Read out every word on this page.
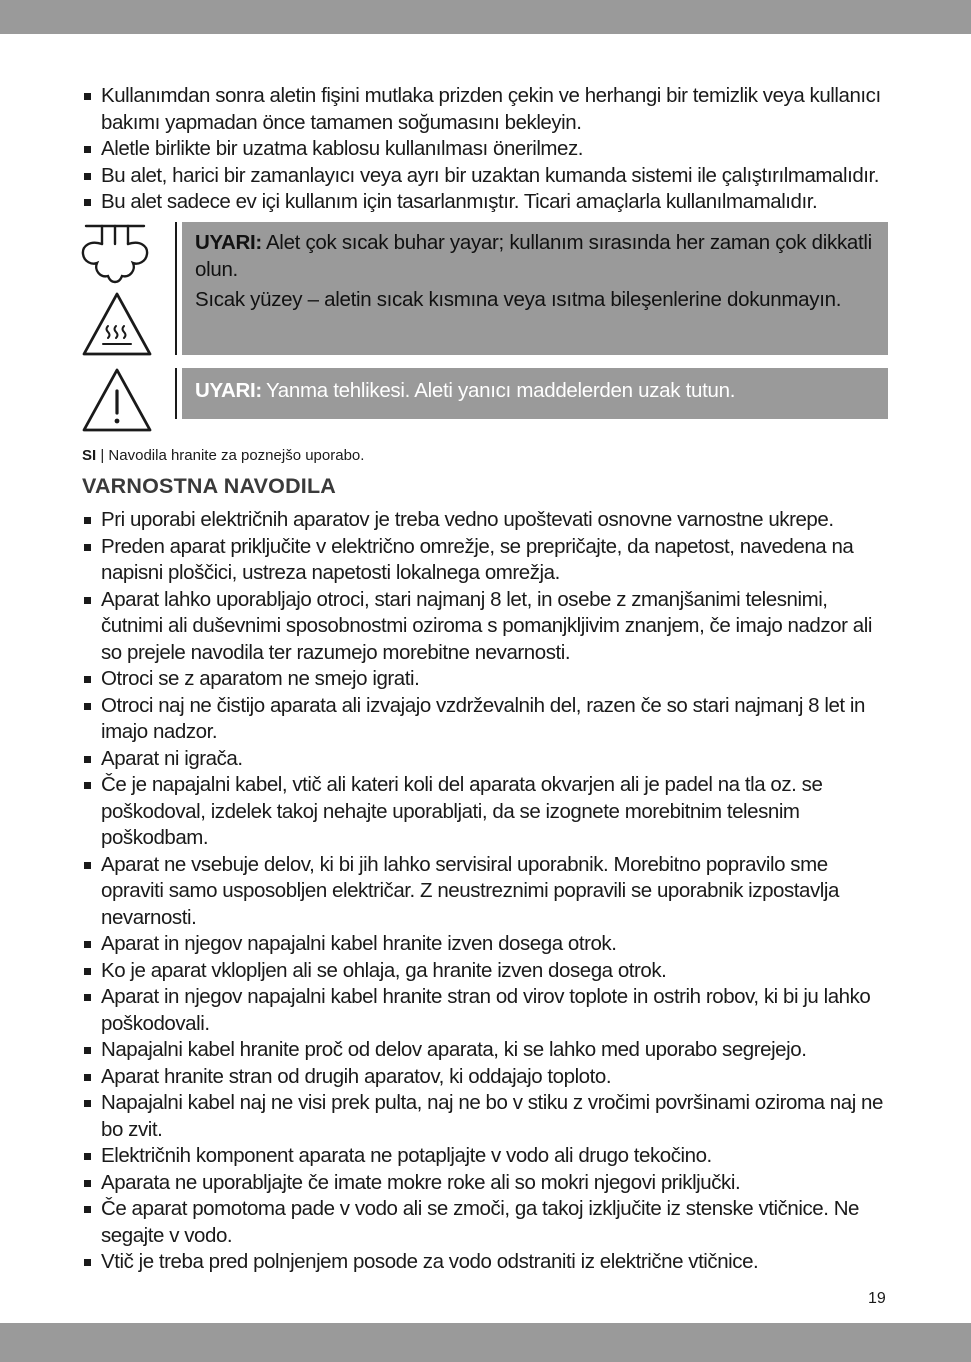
Kullanımdan sonra aletin fişini mutlaka prizden çekin ve herhangi bir temizlik veya kullanıcı bakımı yapmadan önce tamamen soğumasını bekleyin.
Aletle birlikte bir uzatma kablosu kullanılması önerilmez.
Bu alet, harici bir zamanlayıcı veya ayrı bir uzaktan kumanda sistemi ile çalıştırılmamalıdır.
Bu alet sadece ev içi kullanım için tasarlanmıştır. Ticari amaçlarla kullanılmamalıdır.
UYARI: Alet çok sıcak buhar yayar; kullanım sırasında her zaman çok dikkatli olun.
Sıcak yüzey – aletin sıcak kısmına veya ısıtma bileşenlerine dokunmayın.
UYARI: Yanma tehlikesi. Aleti yanıcı maddelerden uzak tutun.
SI | Navodila hranite za poznejšo uporabo.
VARNOSTNA NAVODILA
Pri uporabi električnih aparatov je treba vedno upoštevati osnovne varnostne ukrepe.
Preden aparat priključite v električno omrežje, se prepričajte, da napetost, navedena na napisni ploščici, ustreza napetosti lokalnega omrežja.
Aparat lahko uporabljajo otroci, stari najmanj 8 let, in osebe z zmanjšanimi telesnimi, čutnimi ali duševnimi sposobnostmi oziroma s pomanjkljivim znanjem, če imajo nadzor ali so prejele navodila ter razumejo morebitne nevarnosti.
Otroci se z aparatom ne smejo igrati.
Otroci naj ne čistijo aparata ali izvajajo vzdrževalnih del, razen če so stari najmanj 8 let in imajo nadzor.
Aparat ni igrača.
Če je napajalni kabel, vtič ali kateri koli del aparata okvarjen ali je padel na tla oz. se poškodoval, izdelek takoj nehajte uporabljati, da se izognete morebitnim telesnim poškodbam.
Aparat ne vsebuje delov, ki bi jih lahko servisiral uporabnik. Morebitno popravilo sme opraviti samo usposobljen električar. Z neustreznimi popravili se uporabnik izpostavlja nevarnosti.
Aparat in njegov napajalni kabel hranite izven dosega otrok.
Ko je aparat vklopljen ali se ohlaja, ga hranite izven dosega otrok.
Aparat in njegov napajalni kabel hranite stran od virov toplote in ostrih robov, ki bi ju lahko poškodovali.
Napajalni kabel hranite proč od delov aparata, ki se lahko med uporabo segrejejo.
Aparat hranite stran od drugih aparatov, ki oddajajo toploto.
Napajalni kabel naj ne visi prek pulta, naj ne bo v stiku z vročimi površinami oziroma naj ne bo zvit.
Električnih komponent aparata ne potapljajte v vodo ali drugo tekočino.
Aparata ne uporabljajte če imate mokre roke ali so mokri njegovi priključki.
Če aparat pomotoma pade v vodo ali se zmoči, ga takoj izključite iz stenske vtičnice. Ne segajte v vodo.
Vtič je treba pred polnjenjem posode za vodo odstraniti iz električne vtičnice.
19
